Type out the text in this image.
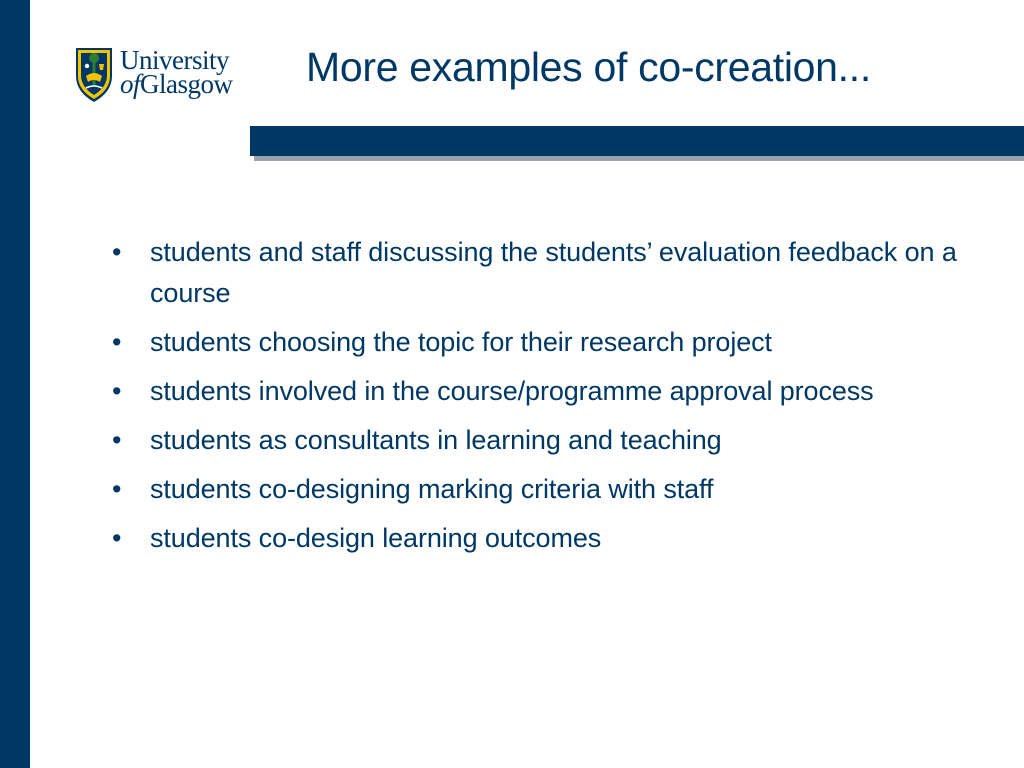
University
ofGlasgow	More examples of co-creation...
• students and staff discussing the students’ evaluation feedback on a course
• students choosing the topic for their research project
• students involved in the course/programme approval process
• students as consultants in learning and teaching
• students co-designing marking criteria with staff
• students co-design learning outcomes
